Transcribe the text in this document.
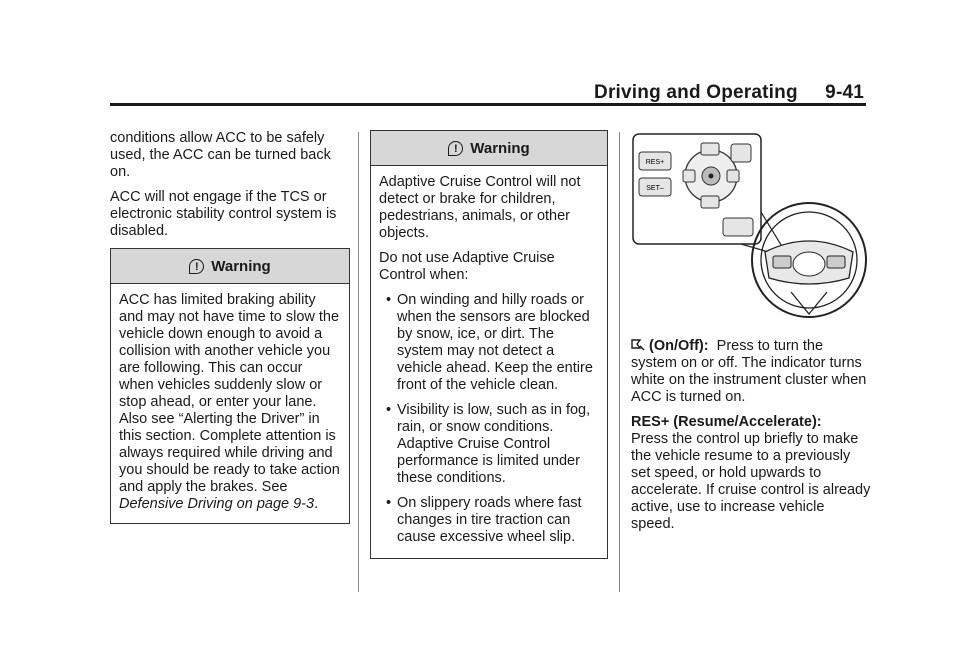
Driving and Operating 9-41

conditions allow ACC to be safely used, the ACC can be turned back on.

ACC will not engage if the TCS or electronic stability control system is disabled.

! Warning

ACC has limited braking ability and may not have time to slow the vehicle down enough to avoid a collision with another vehicle you are following. This can occur when vehicles suddenly slow or stop ahead, or enter your lane. Also see “Alerting the Driver” in this section. Complete attention is always required while driving and you should be ready to take action and apply the brakes. See Defensive Driving on page 9‑3.

! Warning

Adaptive Cruise Control will not detect or brake for children, pedestrians, animals, or other objects.

Do not use Adaptive Cruise Control when:

• On winding and hilly roads or when the sensors are blocked by snow, ice, or dirt. The system may not detect a vehicle ahead. Keep the entire front of the vehicle clean.
• Visibility is low, such as in fog, rain, or snow conditions. Adaptive Cruise Control performance is limited under these conditions.
• On slippery roads where fast changes in tire traction can cause excessive wheel slip.
RES+
SET–

(On/Off): Press to turn the system on or off. The indicator turns white on the instrument cluster when ACC is turned on.

RES+ (Resume/Accelerate):
Press the control up briefly to make the vehicle resume to a previously set speed, or hold upwards to accelerate. If cruise control is already active, use to increase vehicle speed.
